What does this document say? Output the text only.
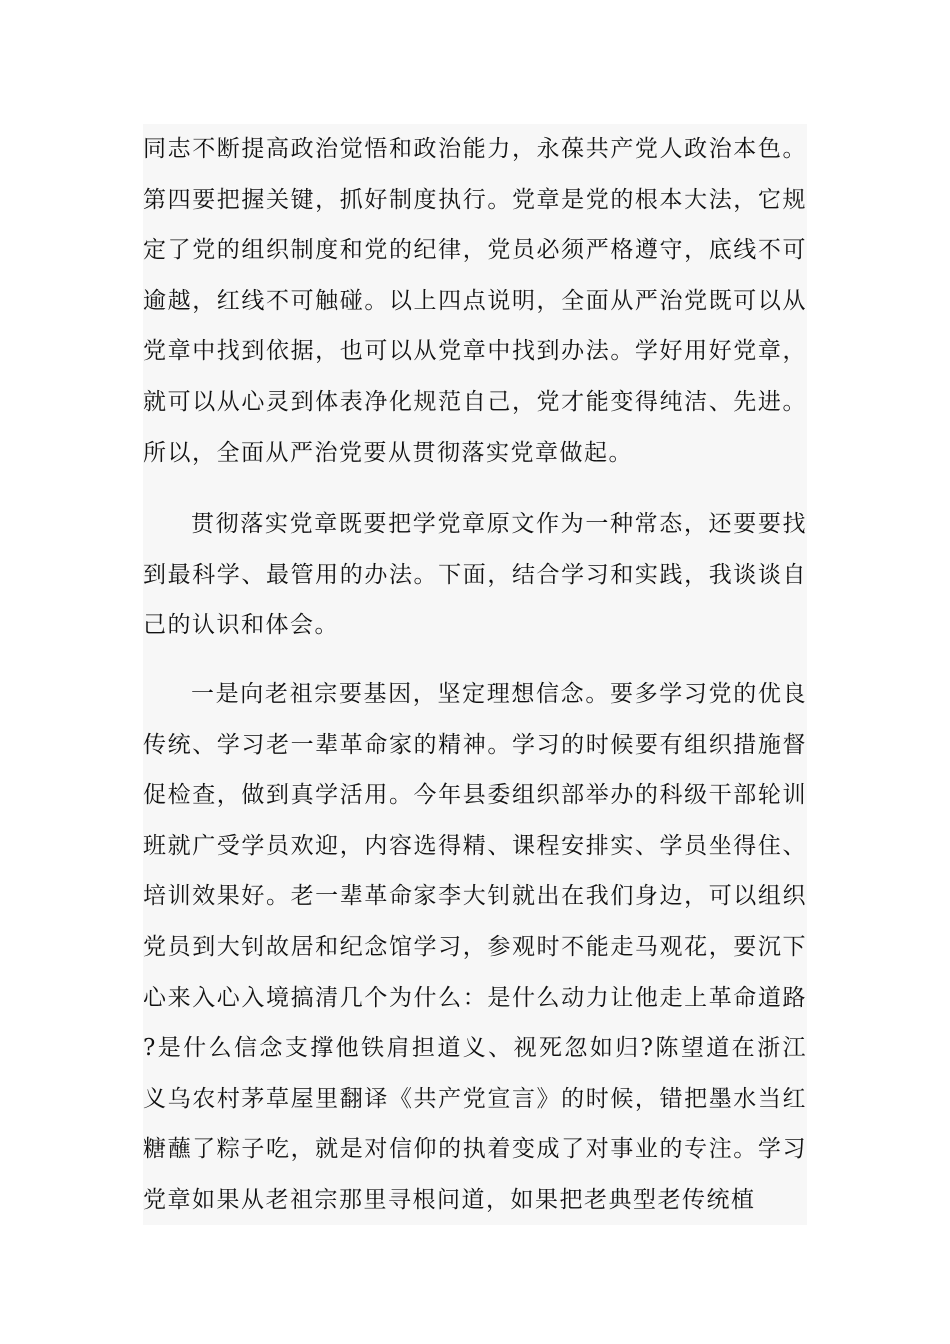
同志不断提高政治觉悟和政治能力，永葆共产党人政治本色。第四要把握关键，抓好制度执行。党章是党的根本大法，它规定了党的组织制度和党的纪律，党员必须严格遵守，底线不可逾越，红线不可触碰。以上四点说明，全面从严治党既可以从党章中找到依据，也可以从党章中找到办法。学好用好党章，就可以从心灵到体表净化规范自己，党才能变得纯洁、先进。所以，全面从严治党要从贯彻落实党章做起。

贯彻落实党章既要把学党章原文作为一种常态，还要要找到最科学、最管用的办法。下面，结合学习和实践，我谈谈自己的认识和体会。

一是向老祖宗要基因，坚定理想信念。要多学习党的优良传统、学习老一辈革命家的精神。学习的时候要有组织措施督促检查，做到真学活用。今年县委组织部举办的科级干部轮训班就广受学员欢迎，内容选得精、课程安排实、学员坐得住、培训效果好。老一辈革命家李大钊就出在我们身边，可以组织党员到大钊故居和纪念馆学习，参观时不能走马观花，要沉下心来入心入境搞清几个为什么：是什么动力让他走上革命道路?是什么信念支撑他铁肩担道义、视死忽如归?陈望道在浙江义乌农村茅草屋里翻译《共产党宣言》的时候，错把墨水当红糖蘸了粽子吃，就是对信仰的执着变成了对事业的专注。学习党章如果从老祖宗那里寻根问道，如果把老典型老传统植
